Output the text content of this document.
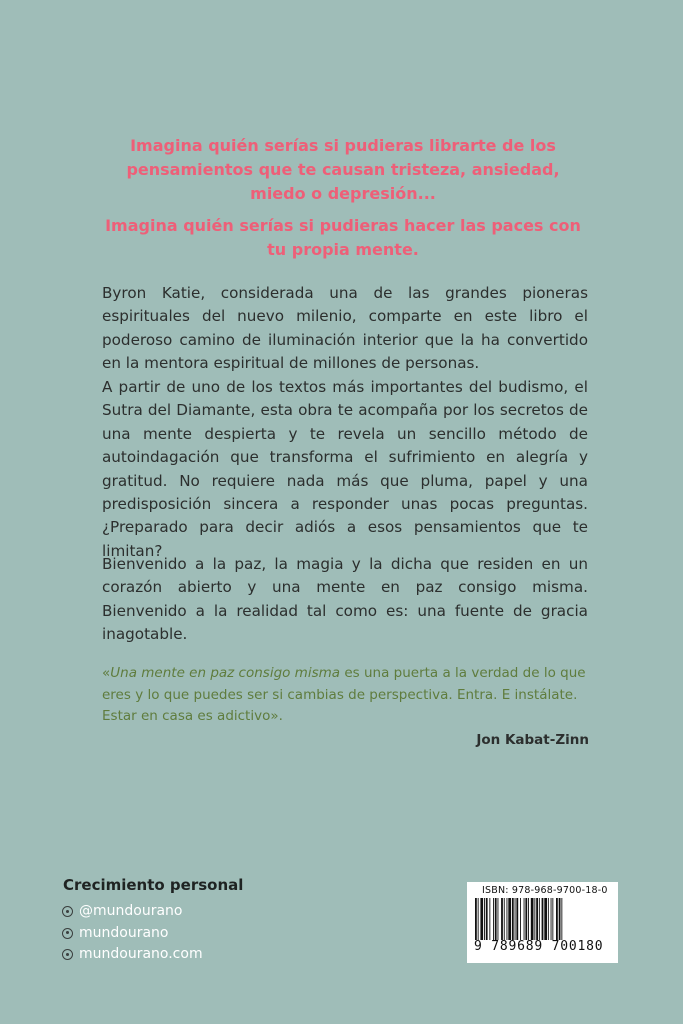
Imagina quién serías si pudieras librarte de los pensamientos que te causan tristeza, ansiedad, miedo o depresión...

Imagina quién serías si pudieras hacer las paces con tu propia mente.

Byron Katie, considerada una de las grandes pioneras espirituales del nuevo milenio, comparte en este libro el poderoso camino de iluminación interior que la ha convertido en la mentora espiritual de millones de personas.

A partir de uno de los textos más importantes del budismo, el Sutra del Diamante, esta obra te acompaña por los secretos de una mente despierta y te revela un sencillo método de autoindagación que transforma el sufrimiento en alegría y gratitud. No requiere nada más que pluma, papel y una predisposición sincera a responder unas pocas preguntas. ¿Preparado para decir adiós a esos pensamientos que te limitan?

Bienvenido a la paz, la magia y la dicha que residen en un corazón abierto y una mente en paz consigo misma. Bienvenido a la realidad tal como es: una fuente de gracia inagotable.

«Una mente en paz consigo misma es una puerta a la verdad de lo que eres y lo que puedes ser si cambias de perspectiva. Entra. E instálate. Estar en casa es adictivo».

Jon Kabat-Zinn

Crecimiento personal

@mundourano
mundourano
mundourano.com

ISBN: 978-968-9700-18-0

9 789689 700180
